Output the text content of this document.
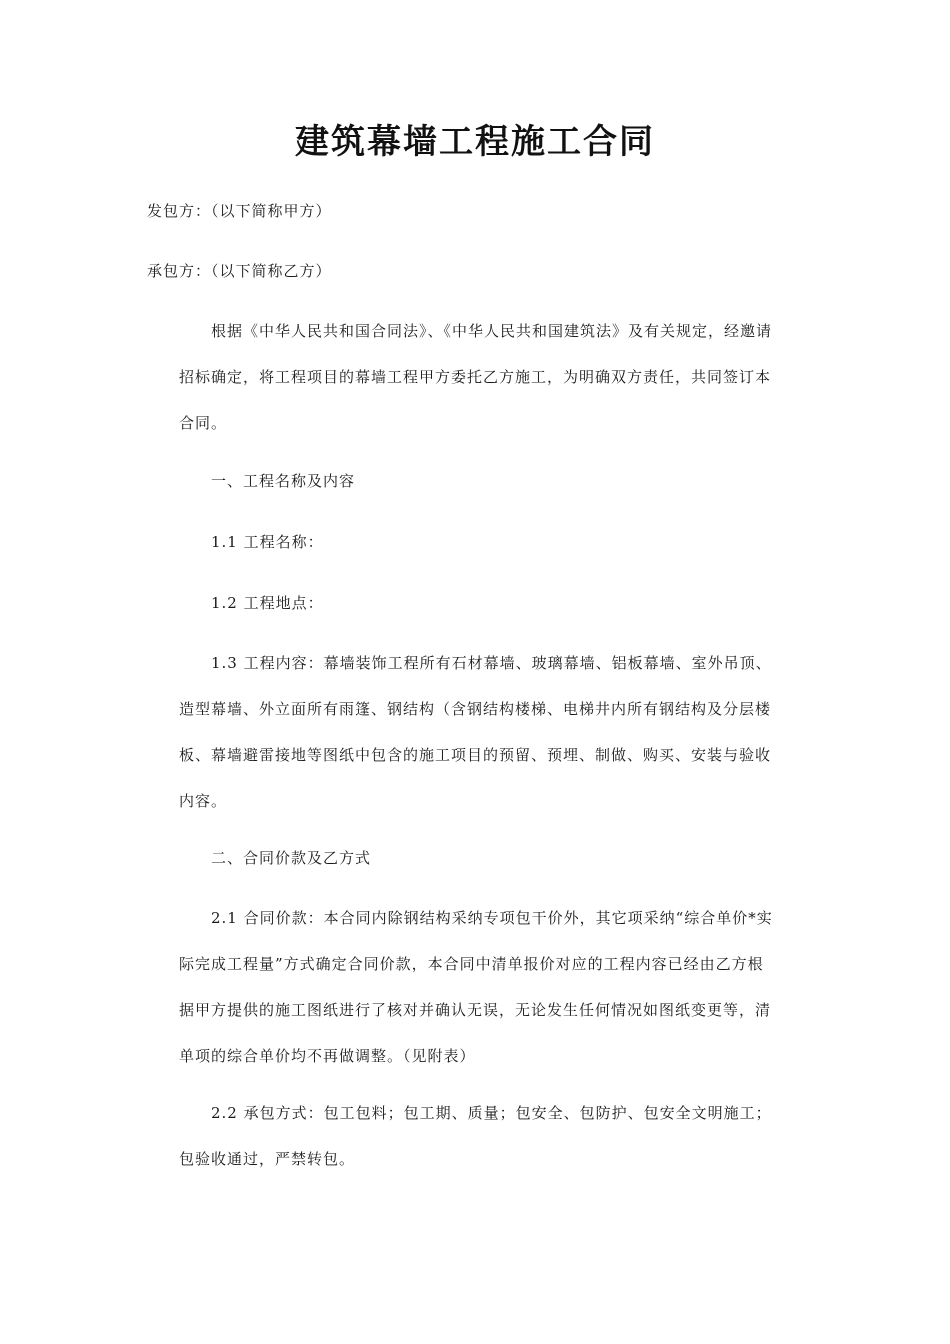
建筑幕墙工程施工合同
发包方：（以下简称甲方）
承包方：（以下简称乙方）
根据《中华人民共和国合同法》、《中华人民共和国建筑法》及有关规定，经邀请招标确定，将工程项目的幕墙工程甲方委托乙方施工，为明确双方责任，共同签订本合同。
一、工程名称及内容
1.1 工程名称：
1.2 工程地点：
1.3 工程内容：幕墙装饰工程所有石材幕墙、玻璃幕墙、铝板幕墙、室外吊顶、造型幕墙、外立面所有雨篷、钢结构（含钢结构楼梯、电梯井内所有钢结构及分层楼板、幕墙避雷接地等图纸中包含的施工项目的预留、预埋、制做、购买、安装与验收内容。
二、合同价款及乙方式
2.1 合同价款：本合同内除钢结构采纳专项包干价外，其它项采纳“综合单价*实际完成工程量”方式确定合同价款，本合同中清单报价对应的工程内容已经由乙方根据甲方提供的施工图纸进行了核对并确认无误，无论发生任何情况如图纸变更等，清单项的综合单价均不再做调整。（见附表）
2.2 承包方式：包工包料；包工期、质量；包安全、包防护、包安全文明施工；包验收通过，严禁转包。
